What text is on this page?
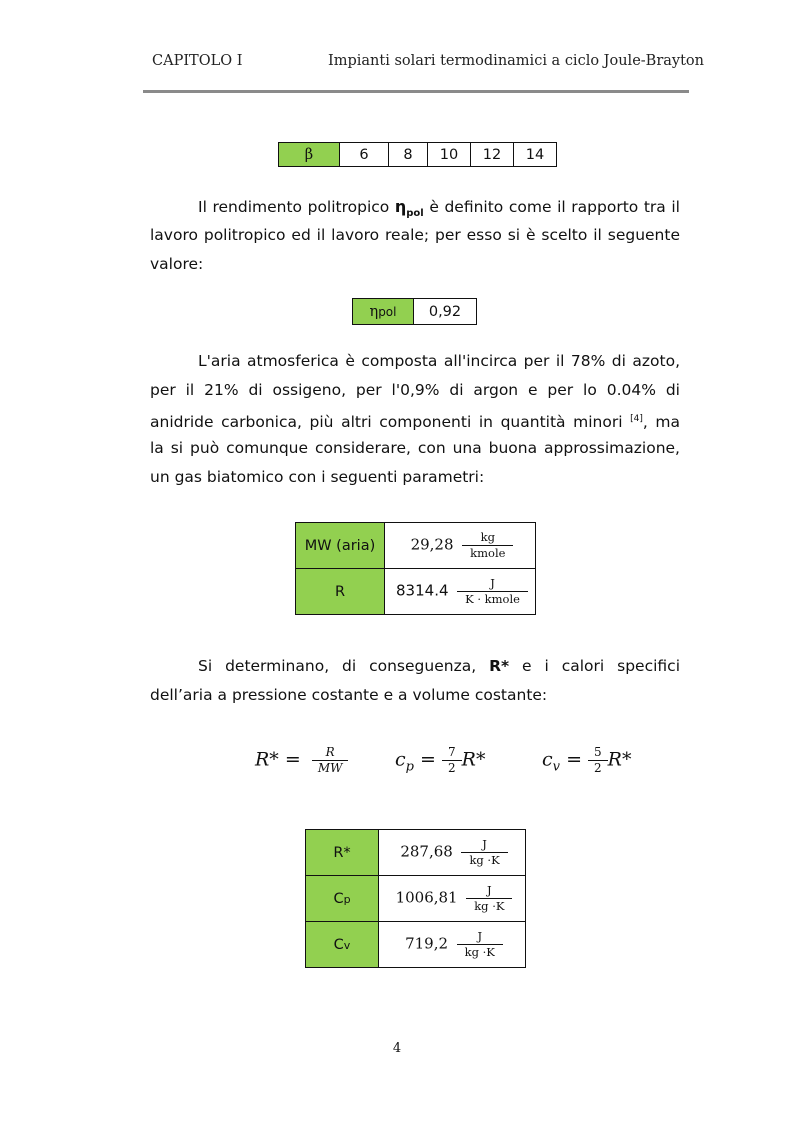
CAPITOLO I	Impianti solari termodinamici a ciclo Joule-Brayton
β	6	8	10	12	14
Il rendimento politropico $\eta_{pol}$ è definito come il rapporto tra il
lavoro politropico ed il lavoro reale; per esso si è scelto il seguente
valore:
ηpol	0,92
L'aria atmosferica è composta all'incirca per il 78% di azoto,
per il 21% di ossigeno, per l'0,9% di argon e per lo 0.04% di
anidride carbonica, più altri componenti in quantità minori [4], ma
la si può comunque considerare, con una buona approssimazione,
un gas biatomico con i seguenti parametri:
MW (aria)	$29,28 \frac{kg}{\text{kmole}}$

R	$8314.4 \frac{J}{\text{K · kmole}}$
Si determinano, di conseguenza, R* e i calori specifici
dell’aria a pressione costante e a volume costante:
$R* = \frac{R}{MW}$	$c_p = \frac{7}{2} R*$	$c_v = \frac{5}{2} R*$
R*	$287,68 \frac{J}{kg \cdot K}$

Cp	$1006,81 \frac{J}{kg \cdot K}$

Cv	$719,2 \frac{J}{kg \cdot K}$
4
